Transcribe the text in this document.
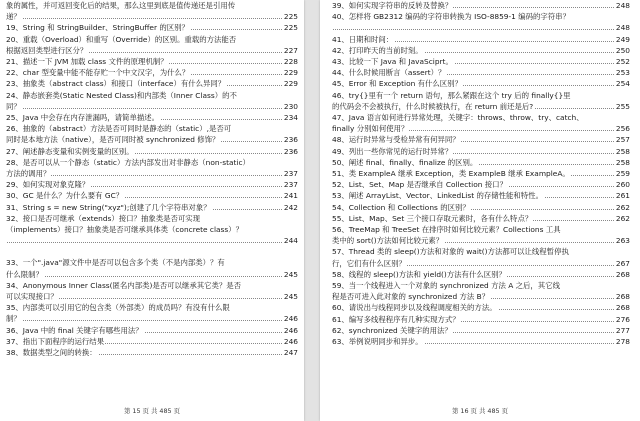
象的属性，并可返回变化后的结果，那么这里到底是值传递还是引用传
递？	225
19、String 和 StringBuilder、StringBuffer 的区别？	225
20、重载（Overload）和重写（Override）的区别。重载的方法能否
根据返回类型进行区分？	227
21、描述一下 JVM 加载 class 文件的原理机制？	228
22、char 型变量中能不能存贮一个中文汉字，为什么？	229
23、抽象类（abstract class）和接口（interface）有什么异同？	229
24、静态嵌套类(Static Nested Class)和内部类（Inner Class）的不
同？	230
25、Java 中会存在内存泄漏吗，请简单描述。	234
26、抽象的（abstract）方法是否可同时是静态的（static）,是否可
同时是本地方法（native），是否可同时被 synchronized 修饰？	236
27、阐述静态变量和实例变量的区别。	236
28、是否可以从一个静态（static）方法内部发出对非静态（non-static）
方法的调用？	237
29、如何实现对象克隆？	237
30、GC 是什么？为什么要有 GC？	241
31、String s = new String("xyz");创建了几个字符串对象？	242
32、接口是否可继承（extends）接口？抽象类是否可实现
（implements）接口？抽象类是否可继承具体类（concrete class）？
244
33、一个".java"源文件中是否可以包含多个类（不是内部类）？有
什么限制？	245
34、Anonymous Inner Class(匿名内部类)是否可以继承其它类？是否
可以实现接口？	245
35、内部类可以引用它的包含类（外部类）的成员吗？有没有什么限
制？	246
36、Java 中的 final 关键字有哪些用法？	246
37、指出下面程序的运行结果	246
38、数据类型之间的转换：	247
第 15 页 共 485 页
39、如何实现字符串的反转及替换？	248
40、怎样将 GB2312 编码的字符串转换为 ISO-8859-1 编码的字符串？
248
41、日期和时间：	249
42、打印昨天的当前时刻。	250
43、比较一下 Java 和 JavaSciprt。	252
44、什么时候用断言（assert）？	253
45、Error 和 Exception 有什么区别？	254
46、try{}里有一个 return 语句，那么紧跟在这个 try 后的 finally{}里
的代码会不会被执行，什么时候被执行，在 return 前还是后?	255
47、Java 语言如何进行异常处理，关键字：throws、throw、try、catch、
finally 分别如何使用？	256
48、运行时异常与受检异常有何异同？	257
49、列出一些你常见的运行时异常？	258
50、阐述 final、finally、finalize 的区别。	258
51、类 ExampleA 继承 Exception，类 ExampleB 继承 ExampleA。	259
52、List、Set、Map 是否继承自 Collection 接口？	260
53、阐述 ArrayList、Vector、LinkedList 的存储性能和特性。	261
54、Collection 和 Collections 的区别？	262
55、List、Map、Set 三个接口存取元素时，各有什么特点？	262
56、TreeMap 和 TreeSet 在排序时如何比较元素？Collections 工具
类中的 sort()方法如何比较元素？	263
57、Thread 类的 sleep()方法和对象的 wait()方法都可以让线程暂停执
行，它们有什么区别？	267
58、线程的 sleep()方法和 yield()方法有什么区别？	268
59、当一个线程进入一个对象的 synchronized 方法 A 之后，其它线
程是否可进入此对象的 synchronized 方法 B？	268
60、请说出与线程同步以及线程调度相关的方法。	268
61、编写多线程程序有几种实现方式？	276
62、synchronized 关键字的用法？	277
63、举例说明同步和异步。	278
第 16 页 共 485 页
